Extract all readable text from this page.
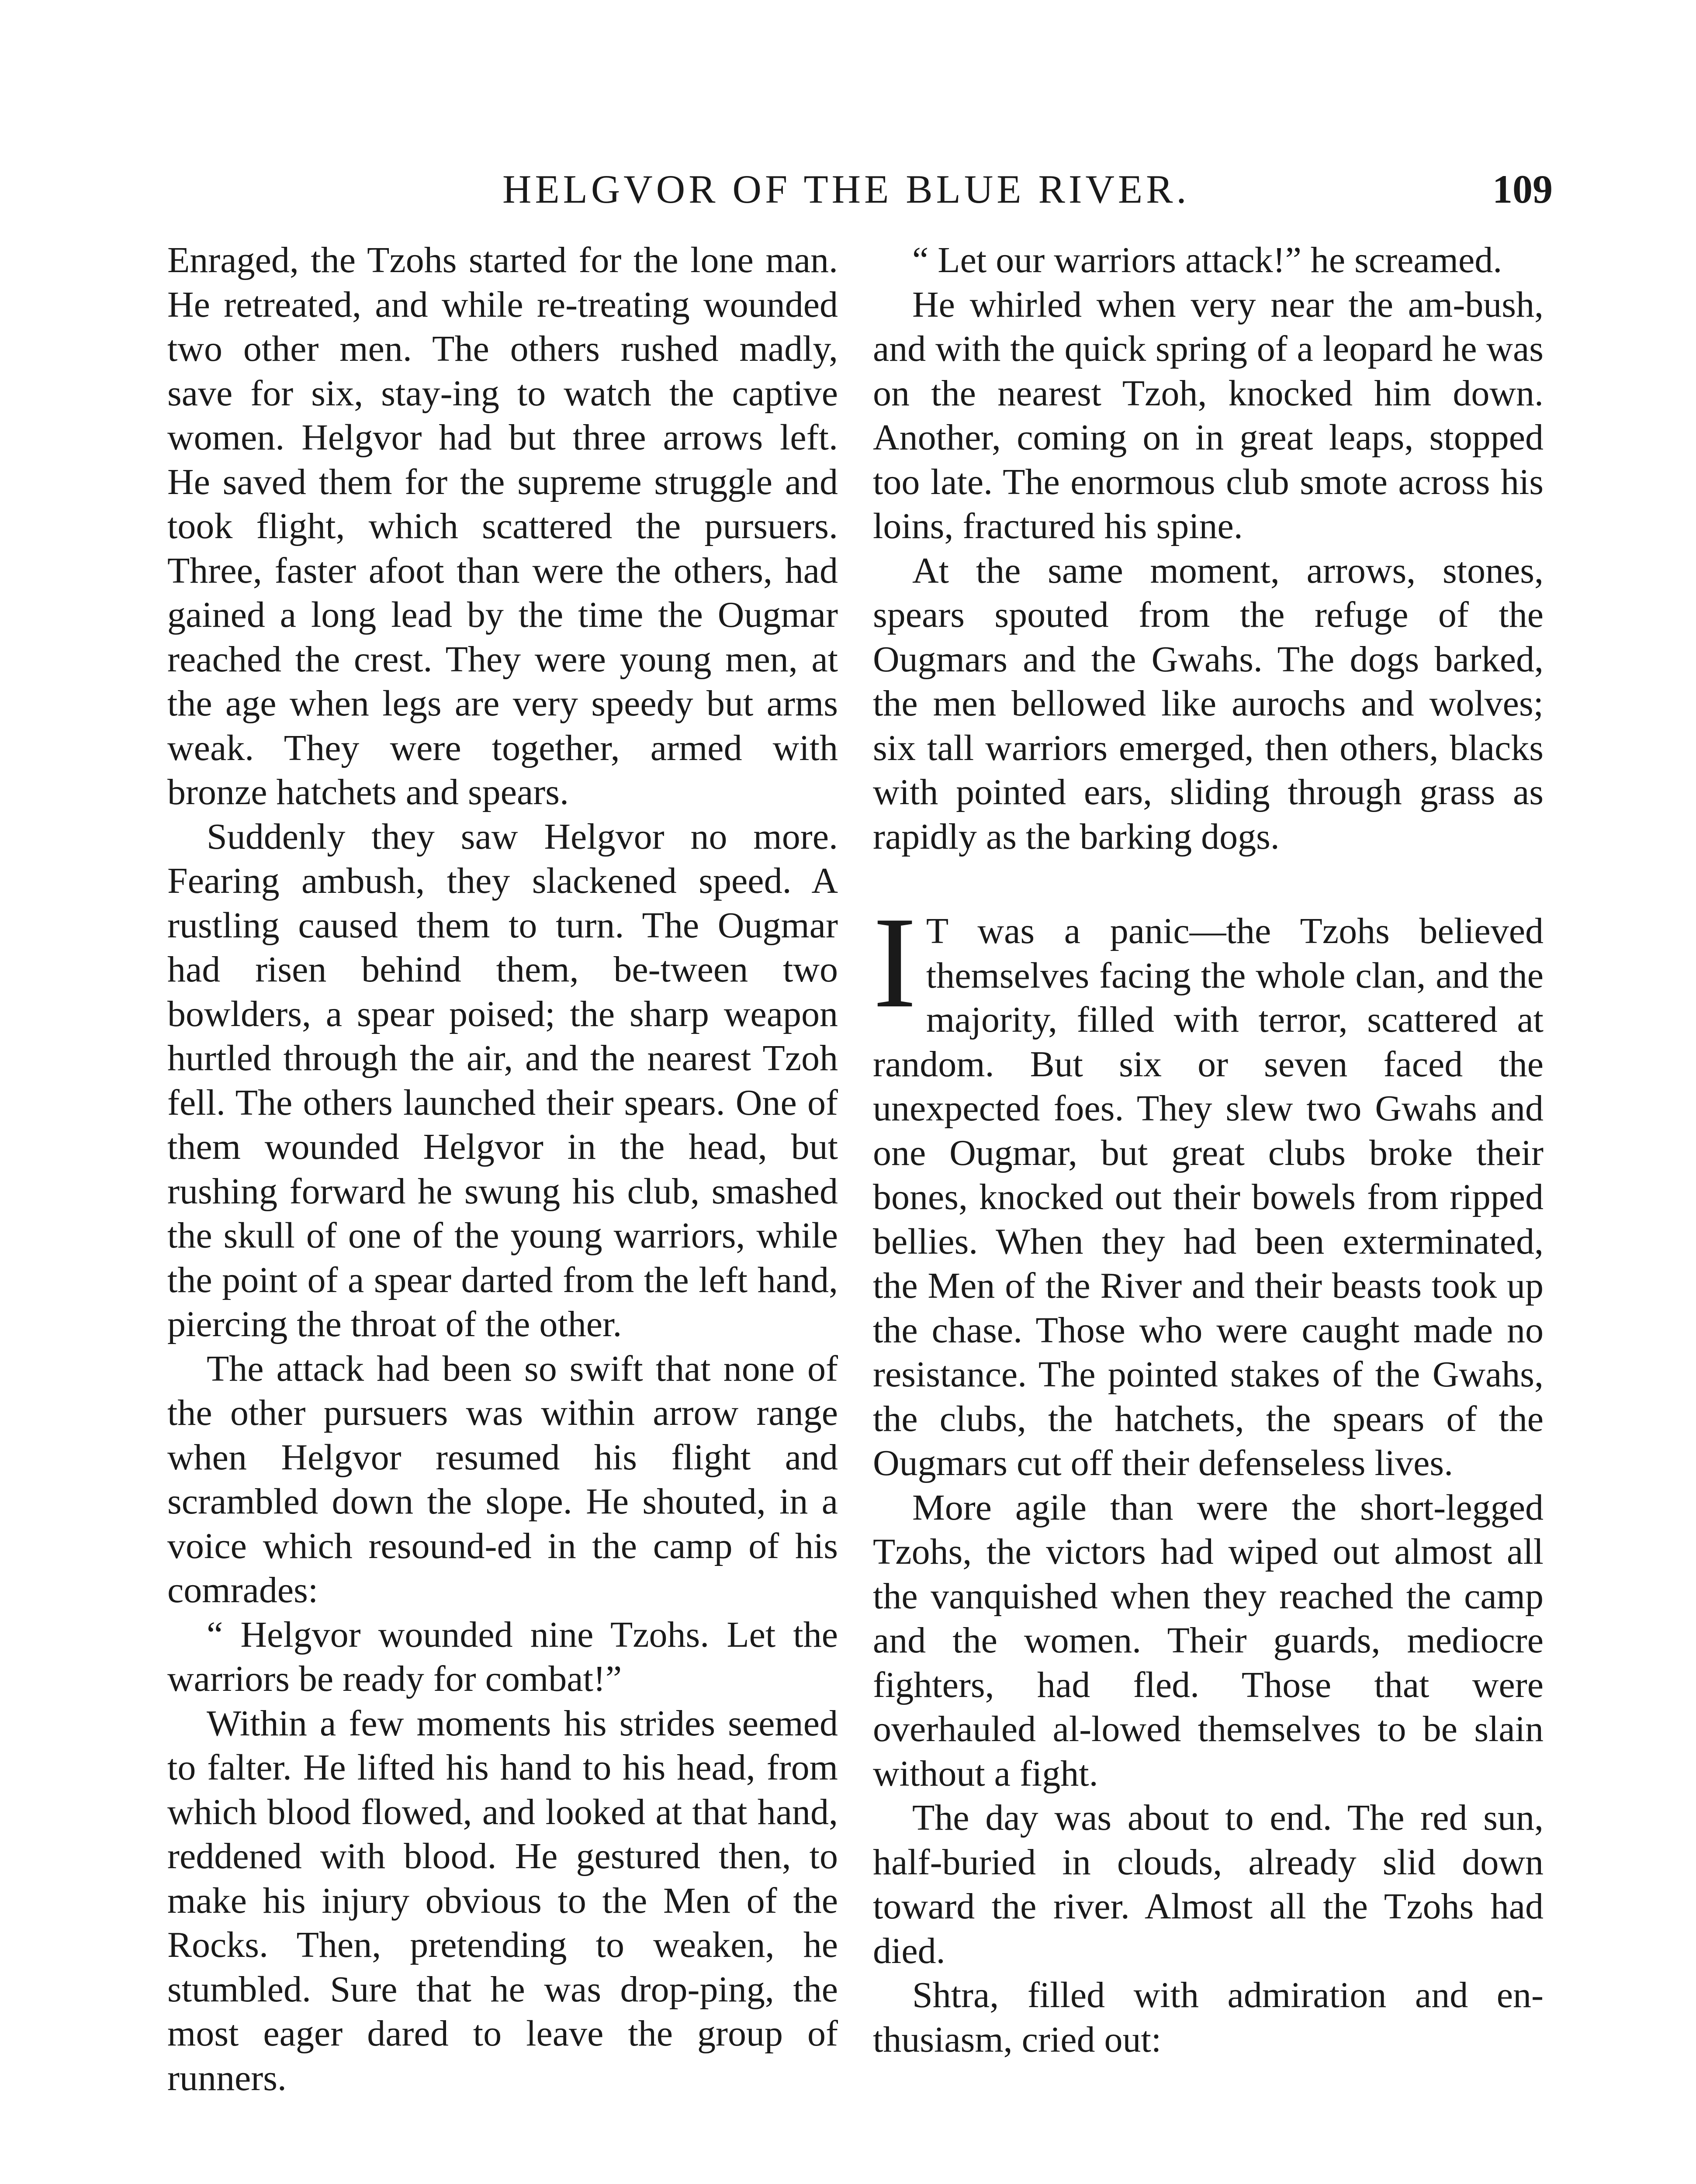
HELGVOR OF THE BLUE RIVER.	109

Enraged, the Tzohs started for the lone man. He retreated, and while re-treating wounded two other men. The others rushed madly, save for six, stay-ing to watch the captive women. Helgvor had but three arrows left. He saved them for the supreme struggle and took flight, which scattered the pursuers. Three, faster afoot than were the others, had gained a long lead by the time the Ougmar reached the crest. They were young men, at the age when legs are very speedy but arms weak. They were together, armed with bronze hatchets and spears.

Suddenly they saw Helgvor no more. Fearing ambush, they slackened speed. A rustling caused them to turn. The Ougmar had risen behind them, be-tween two bowlders, a spear poised; the sharp weapon hurtled through the air, and the nearest Tzoh fell. The others launched their spears. One of them wounded Helgvor in the head, but rushing forward he swung his club, smashed the skull of one of the young warriors, while the point of a spear darted from the left hand, piercing the throat of the other.

The attack had been so swift that none of the other pursuers was within arrow range when Helgvor resumed his flight and scrambled down the slope. He shouted, in a voice which resound-ed in the camp of his comrades:

“ Helgvor wounded nine Tzohs. Let the warriors be ready for combat!”

Within a few moments his strides seemed to falter. He lifted his hand to his head, from which blood flowed, and looked at that hand, reddened with blood. He gestured then, to make his injury obvious to the Men of the Rocks. Then, pretending to weaken, he stumbled. Sure that he was drop-ping, the most eager dared to leave the group of runners.

“ Let our warriors attack!” he screamed.

He whirled when very near the am-bush, and with the quick spring of a leopard he was on the nearest Tzoh, knocked him down. Another, coming on in great leaps, stopped too late. The enormous club smote across his loins, fractured his spine.

At the same moment, arrows, stones, spears spouted from the refuge of the Ougmars and the Gwahs. The dogs barked, the men bellowed like aurochs and wolves; six tall warriors emerged, then others, blacks with pointed ears, sliding through grass as rapidly as the barking dogs.

I T was a panic—the Tzohs believed themselves facing the whole clan, and the majority, filled with terror, scattered at random. But six or seven faced the unexpected foes. They slew two Gwahs and one Ougmar, but great clubs broke their bones, knocked out their bowels from ripped bellies. When they had been exterminated, the Men of the River and their beasts took up the chase. Those who were caught made no resistance. The pointed stakes of the Gwahs, the clubs, the hatchets, the spears of the Ougmars cut off their defenseless lives.

More agile than were the short-legged Tzohs, the victors had wiped out almost all the vanquished when they reached the camp and the women. Their guards, mediocre fighters, had fled. Those that were overhauled al-lowed themselves to be slain without a fight.

The day was about to end. The red sun, half-buried in clouds, already slid down toward the river. Almost all the Tzohs had died.

Shtra, filled with admiration and en-thusiasm, cried out:
